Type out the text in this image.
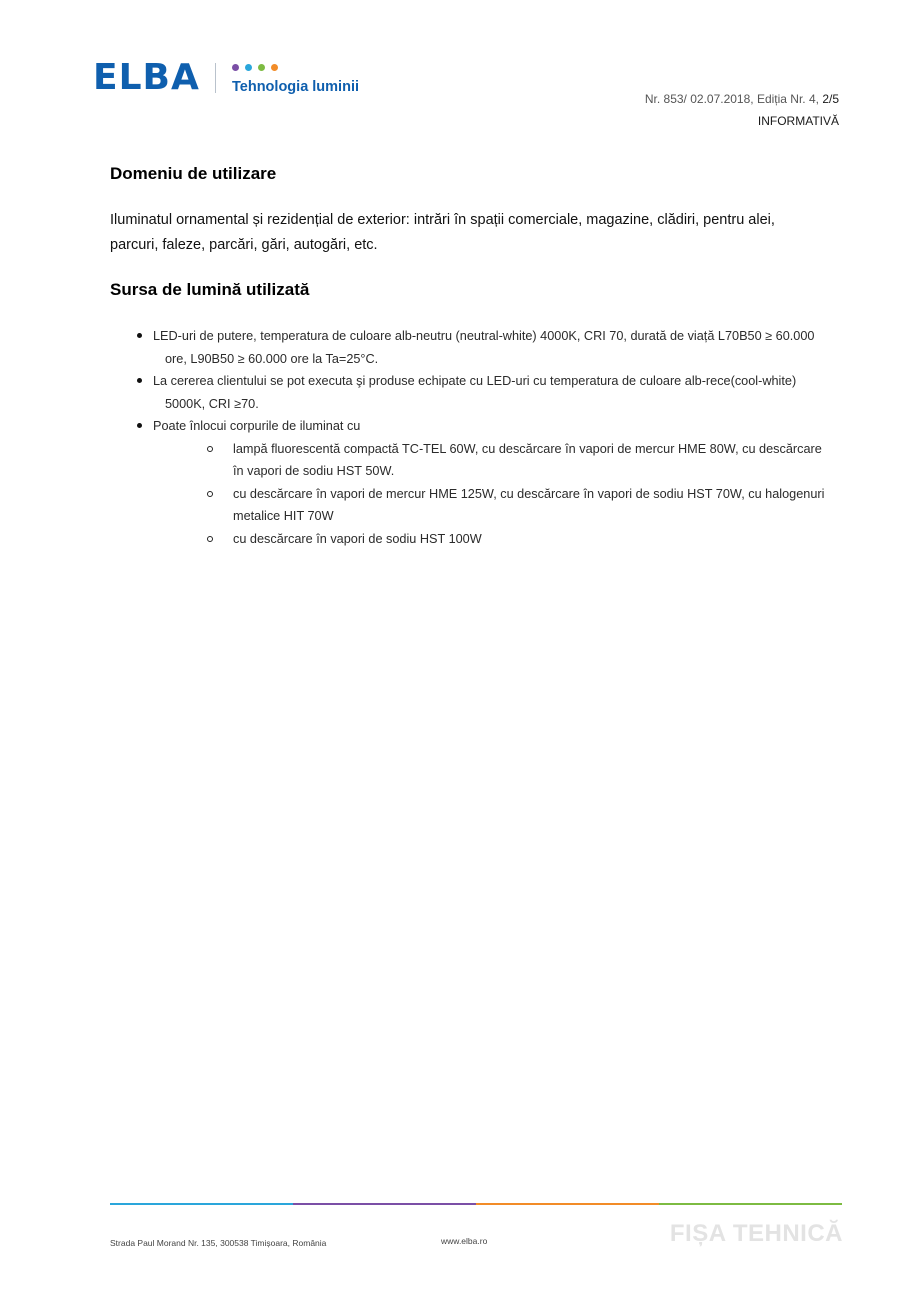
ELBA Tehnologia luminii
Nr. 853/ 02.07.2018, Ediția Nr. 4, 2/5
INFORMATIVĂ
Domeniu de utilizare

Iluminatul ornamental și rezidențial de exterior: intrări în spații comerciale, magazine, clădiri, pentru alei, parcuri, faleze, parcări, gări, autogări, etc.

Sursa de lumină utilizată
LED-uri de putere, temperatura de culoare alb-neutru (neutral-white) 4000K, CRI 70, durată de viață L70B50 ≥ 60.000 ore, L90B50 ≥ 60.000 ore la Ta=25°C.
La cererea clientului se pot executa şi produse echipate cu LED-uri cu temperatura de culoare alb-rece(cool-white) 5000K, CRI ≥70.
Poate înlocui corpurile de iluminat cu
lampă fluorescentă compactă TC-TEL 60W, cu descărcare în vapori de mercur HME 80W, cu descărcare în vapori de sodiu HST 50W.
cu descărcare în vapori de mercur HME 125W, cu descărcare în vapori de sodiu HST 70W, cu halogenuri metalice HIT 70W
cu descărcare în vapori de sodiu HST 100W
Strada Paul Morand Nr. 135, 300538 Timișoara, România	www.elba.ro	FIȘA TEHNICĂ
